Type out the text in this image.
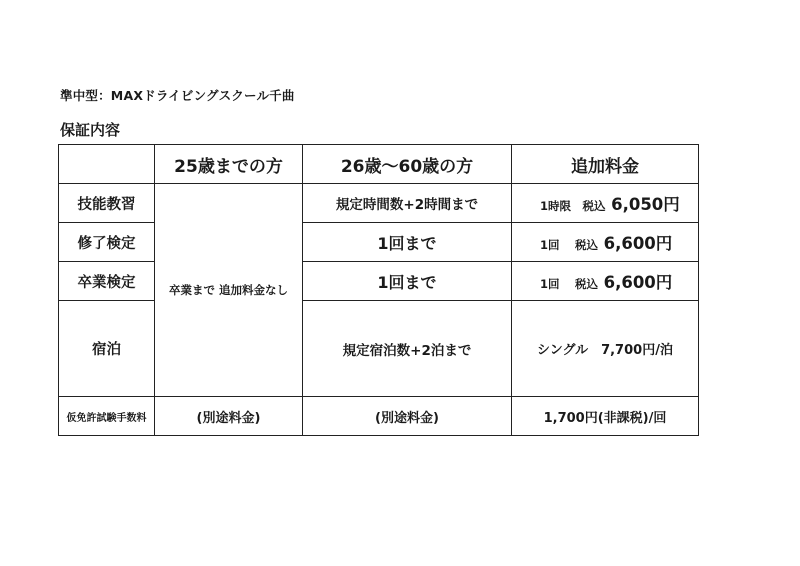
準中型：MAXドライビングスクール千曲
保証内容
	25歳までの方	26歳～60歳の方	追加料金
技能教習	卒業まで 追加料金なし	規定時間数+2時間まで	1時限　税込 6,050円
修了検定		1回まで	1回　 税込 6,600円
卒業検定		1回まで	1回　 税込 6,600円
宿泊		規定宿泊数+2泊まで	シングル　7,700円/泊
仮免許試験手数料	(別途料金)	(別途料金)	1,700円(非課税)/回
